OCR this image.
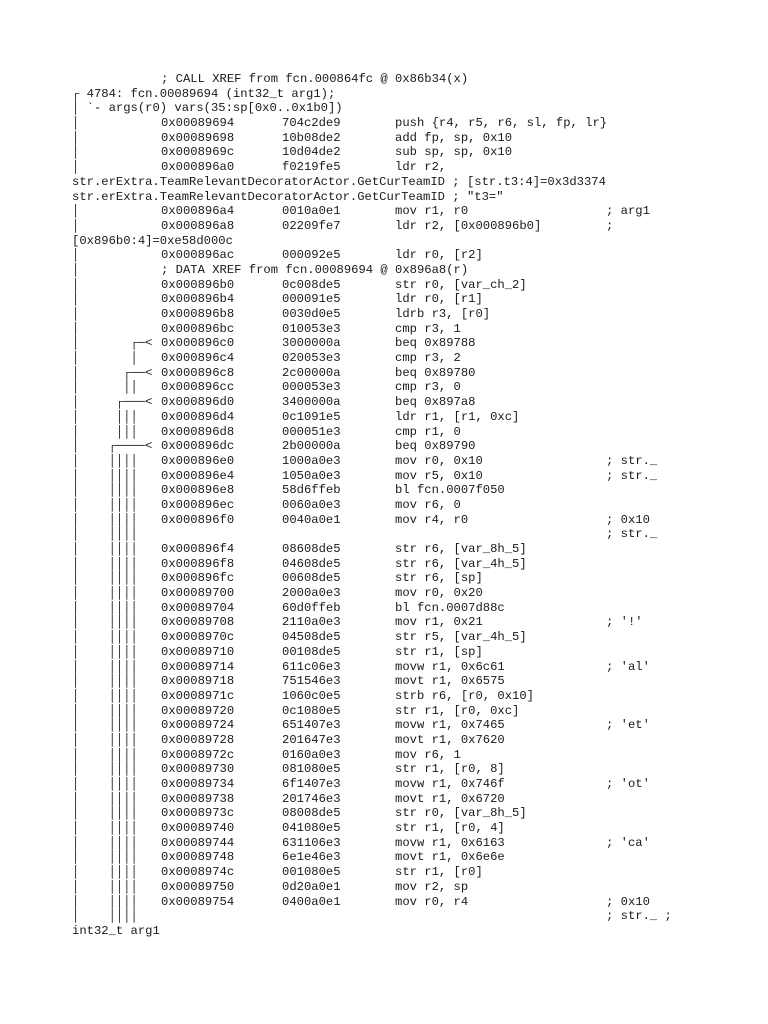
; CALL XREF from fcn.000864fc @ 0x86b34(x)
┌ 4784: fcn.00089694 (int32_t arg1);
│ `- args(r0) vars(35:sp[0x0..0x1b0])
│	0x00089694	704c2de9	push {r4, r5, r6, sl, fp, lr}
│	0x00089698	10b08de2	add fp, sp, 0x10
│	0x0008969c	10d04de2	sub sp, sp, 0x10
│	0x000896a0	f0219fe5	ldr r2,
str.erExtra.TeamRelevantDecoratorActor.GetCurTeamID ; [str.t3:4]=0x3d3374
str.erExtra.TeamRelevantDecoratorActor.GetCurTeamID ; "t3="
│	0x000896a4	0010a0e1	mov r1, r0	; arg1
│	0x000896a8	02209fe7	ldr r2, [0x000896b0]	;
[0x896b0:4]=0xe58d000c
│	0x000896ac	000092e5	ldr r0, [r2]
│	; DATA XREF from fcn.00089694 @ 0x896a8(r)
│	0x000896b0	0c008de5	str r0, [var_ch_2]
│	0x000896b4	000091e5	ldr r0, [r1]
│	0x000896b8	0030d0e5	ldrb r3, [r0]
│	0x000896bc	010053e3	cmp r3, 1
│       ┌─< 0x000896c0	3000000a	beq 0x89788
│       │ 0x000896c4	020053e3	cmp r3, 2
│      ┌──< 0x000896c8	2c00000a	beq 0x89780
│      ││ 0x000896cc	000053e3	cmp r3, 0
│     ┌───< 0x000896d0	3400000a	beq 0x897a8
│     │││ 0x000896d4	0c1091e5	ldr r1, [r1, 0xc]
│     │││ 0x000896d8	000051e3	cmp r1, 0
│    ┌────< 0x000896dc	2b00000a	beq 0x89790
│    ││││ 0x000896e0	1000a0e3	mov r0, 0x10	; str._
│    ││││ 0x000896e4	1050a0e3	mov r5, 0x10	; str._
│    ││││ 0x000896e8	58d6ffeb	bl fcn.0007f050
│    ││││ 0x000896ec	0060a0e3	mov r6, 0
│    ││││ 0x000896f0	0040a0e1	mov r4, r0	; 0x10
│    ││││	; str._
│    ││││ 0x000896f4	08608de5	str r6, [var_8h_5]
│    ││││ 0x000896f8	04608de5	str r6, [var_4h_5]
│    ││││ 0x000896fc	00608de5	str r6, [sp]
│    ││││ 0x00089700	2000a0e3	mov r0, 0x20
│    ││││ 0x00089704	60d0ffeb	bl fcn.0007d88c
│    ││││ 0x00089708	2110a0e3	mov r1, 0x21	; '!'
│    ││││ 0x0008970c	04508de5	str r5, [var_4h_5]
│    ││││ 0x00089710	00108de5	str r1, [sp]
│    ││││ 0x00089714	611c06e3	movw r1, 0x6c61	; 'al'
│    ││││ 0x00089718	751546e3	movt r1, 0x6575
│    ││││ 0x0008971c	1060c0e5	strb r6, [r0, 0x10]
│    ││││ 0x00089720	0c1080e5	str r1, [r0, 0xc]
│    ││││ 0x00089724	651407e3	movw r1, 0x7465	; 'et'
│    ││││ 0x00089728	201647e3	movt r1, 0x7620
│    ││││ 0x0008972c	0160a0e3	mov r6, 1
│    ││││ 0x00089730	081080e5	str r1, [r0, 8]
│    ││││ 0x00089734	6f1407e3	movw r1, 0x746f	; 'ot'
│    ││││ 0x00089738	201746e3	movt r1, 0x6720
│    ││││ 0x0008973c	08008de5	str r0, [var_8h_5]
│    ││││ 0x00089740	041080e5	str r1, [r0, 4]
│    ││││ 0x00089744	631106e3	movw r1, 0x6163	; 'ca'
│    ││││ 0x00089748	6e1e46e3	movt r1, 0x6e6e
│    ││││ 0x0008974c	001080e5	str r1, [r0]
│    ││││ 0x00089750	0d20a0e1	mov r2, sp
│    ││││ 0x00089754	0400a0e1	mov r0, r4	; 0x10
│    ││││	; str._ ;
int32_t arg1
